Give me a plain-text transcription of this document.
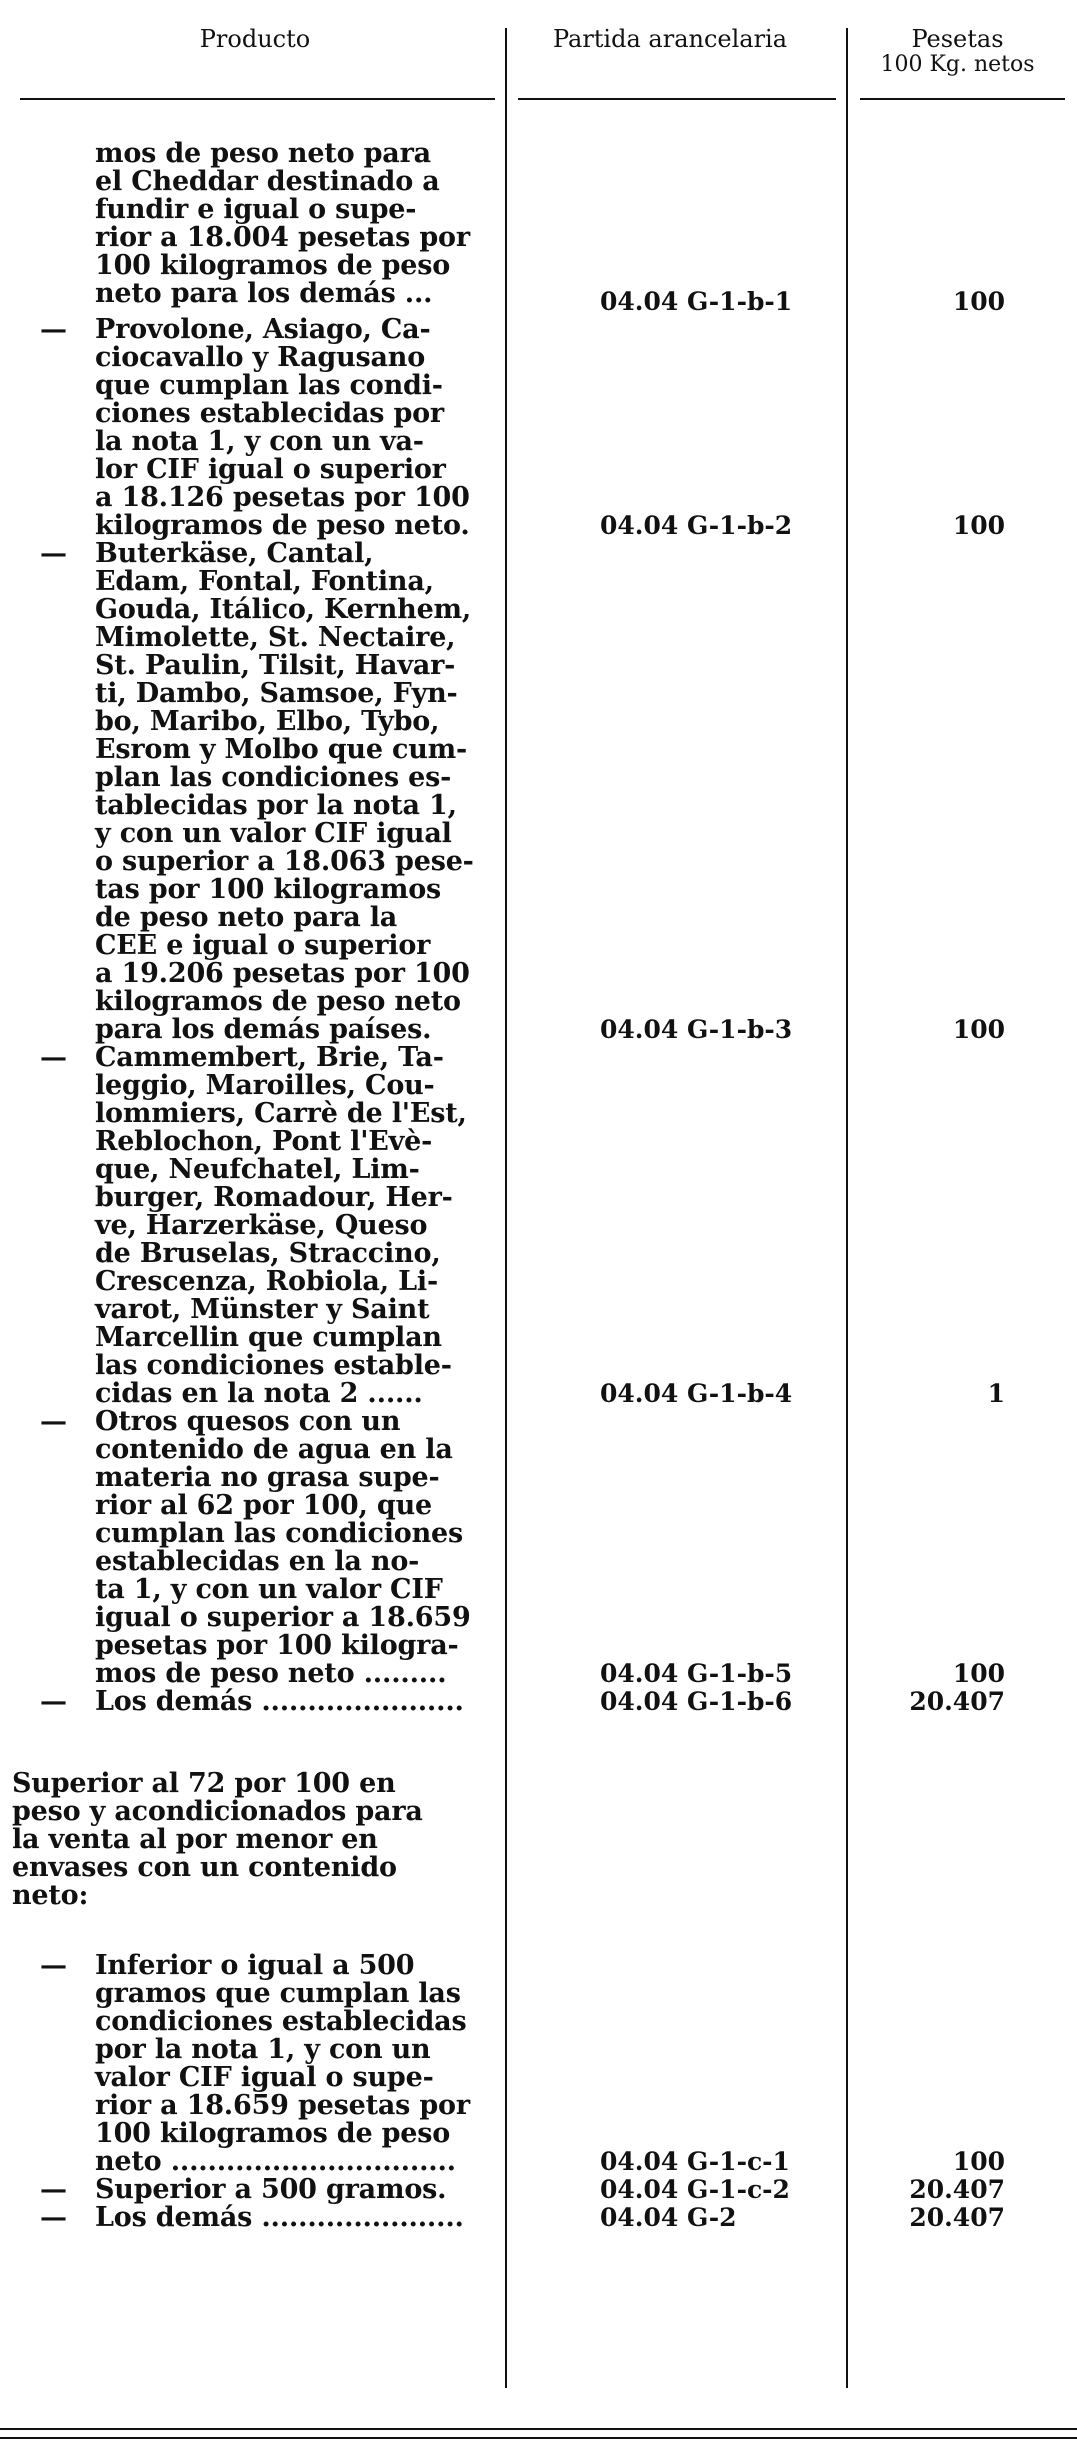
Producto	Partida arancelaria	Pesetas
100 Kg. netos
mos de peso neto para
el Cheddar destinado a
fundir e igual o supe-
rior a 18.004 pesetas por
100 kilogramos de peso
neto para los demás ...	04.04 G-1-b-1	100
— Provolone, Asiago, Ca-
ciocavallo y Ragusano
que cumplan las condi-
ciones establecidas por
la nota 1, y con un va-
lor CIF igual o superior
a 18.126 pesetas por 100
kilogramos de peso neto.	04.04 G-1-b-2	100
— Buterkäse, Cantal,
Edam, Fontal, Fontina,
Gouda, Itálico, Kernhem,
Mimolette, St. Nectaire,
St. Paulin, Tilsit, Havar-
ti, Dambo, Samsoe, Fyn-
bo, Maribo, Elbo, Tybo,
Esrom y Molbo que cum-
plan las condiciones es-
tablecidas por la nota 1,
y con un valor CIF igual
o superior a 18.063 pese-
tas por 100 kilogramos
de peso neto para la
CEE e igual o superior
a 19.206 pesetas por 100
kilogramos de peso neto
para los demás países.	04.04 G-1-b-3	100
— Cammembert, Brie, Ta-
leggio, Maroilles, Cou-
lommiers, Carrè de l'Est,
Reblochon, Pont l'Evè-
que, Neufchatel, Lim-
burger, Romadour, Her-
ve, Harzerkäse, Queso
de Bruselas, Straccino,
Crescenza, Robiola, Li-
varot, Münster y Saint
Marcellin que cumplan
las condiciones estable-
cidas en la nota 2 ......	04.04 G-1-b-4	1
— Otros quesos con un
contenido de agua en la
materia no grasa supe-
rior al 62 por 100, que
cumplan las condiciones
establecidas en la no-
ta 1, y con un valor CIF
igual o superior a 18.659
pesetas por 100 kilogra-
mos de peso neto .........	04.04 G-1-b-5	100
— Los demás ......................	04.04 G-1-b-6	20.407
Superior al 72 por 100 en
peso y acondicionados para
la venta al por menor en
envases con un contenido
neto:
— Inferior o igual a 500
gramos que cumplan las
condiciones establecidas
por la nota 1, y con un
valor CIF igual o supe-
rior a 18.659 pesetas por
100 kilogramos de peso
neto ...............................	04.04 G-1-c-1	100
— Superior a 500 gramos.	04.04 G-1-c-2	20.407
— Los demás ......................	04.04 G-2	20.407
